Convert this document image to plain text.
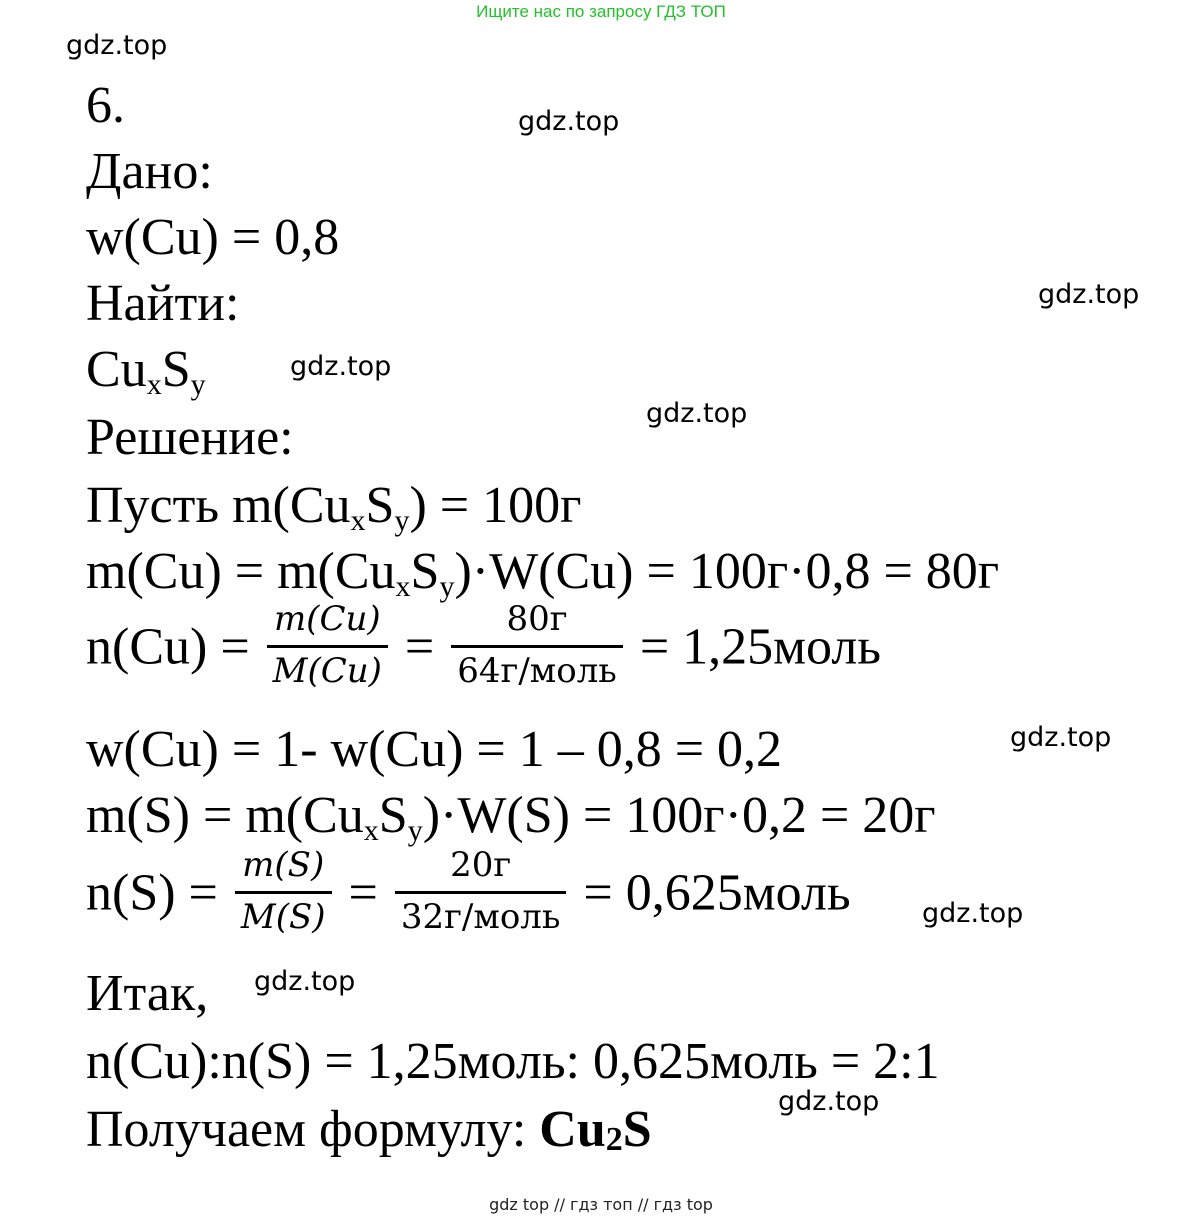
Ищите нас по запросу ГДЗ ТОП
gdz.top
gdz.top
gdz.top
gdz.top
gdz.top
gdz.top
gdz.top
gdz.top
gdz.top
6.
Дано:
w(Cu) = 0,8
Найти:
$Cu_xS_y$
Решение:
Пусть $m(Cu_xS_y) = 100г$
$m(Cu) = m(Cu_xS_y)\cdot W(Cu) = 100г\cdot 0,8 = 80г$
$n(Cu) = \frac{m(Cu)}{M(Cu)} = \frac{80г}{\text{64г/моль}}$ = 1,25моль
w(Cu) = 1- w(Cu) = 1 – 0,8 = 0,2
$m(S) = m(Cu_xS_y)\cdot W(S) = 100г\cdot 0,2 = 20г$
$n(S) = \frac{m(S)}{M(S)} = \frac{20г}{\text{32г/моль}}$ = 0,625моль
Итак,
n(Cu):n(S) = 1,25моль: 0,625моль = 2:1
Получаем формулу: Cu2S
gdz top // гдз топ // гдз top
